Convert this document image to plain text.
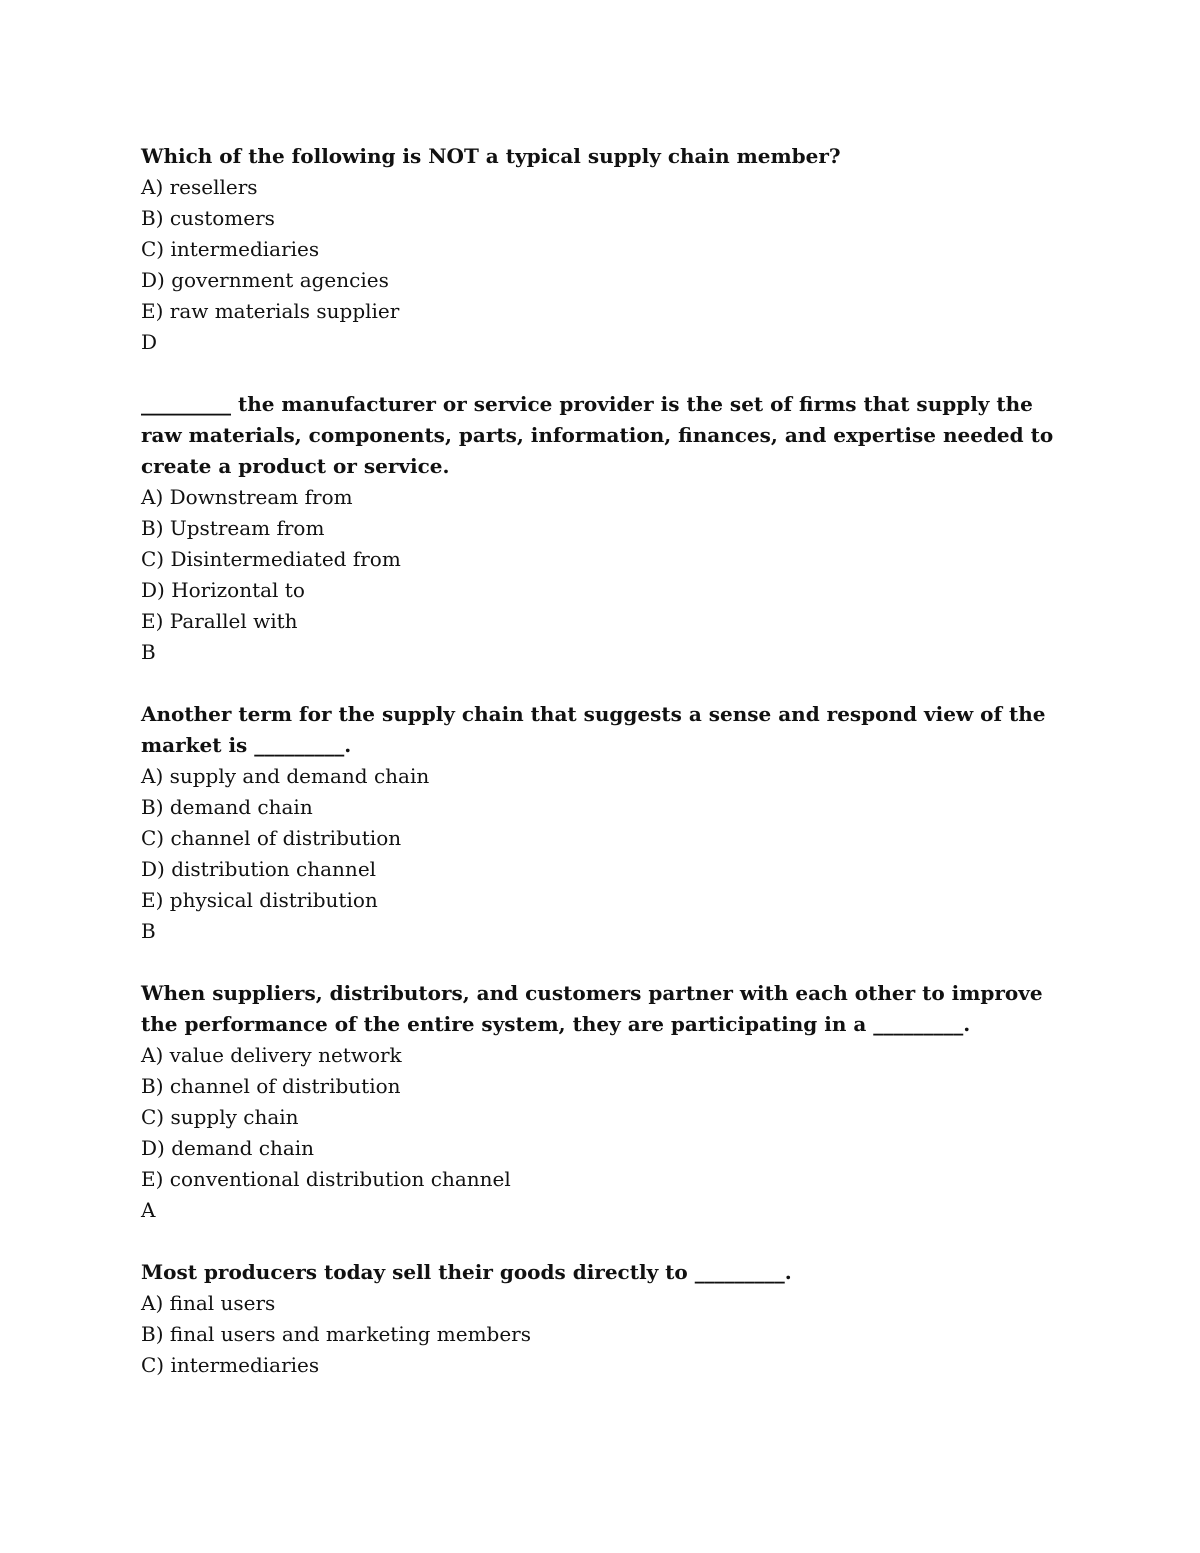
Which of the following is NOT a typical supply chain member?

A) resellers
B) customers
C) intermediaries
D) government agencies
E) raw materials supplier

D

_________ the manufacturer or service provider is the set of firms that supply the raw materials, components, parts, information, finances, and expertise needed to create a product or service.

A) Downstream from
B) Upstream from
C) Disintermediated from
D) Horizontal to
E) Parallel with

B

Another term for the supply chain that suggests a sense and respond view of the market is _________.

A) supply and demand chain
B) demand chain
C) channel of distribution
D) distribution channel
E) physical distribution

B

When suppliers, distributors, and customers partner with each other to improve the performance of the entire system, they are participating in a _________.

A) value delivery network
B) channel of distribution
C) supply chain
D) demand chain
E) conventional distribution channel

A

Most producers today sell their goods directly to _________.

A) final users
B) final users and marketing members
C) intermediaries
